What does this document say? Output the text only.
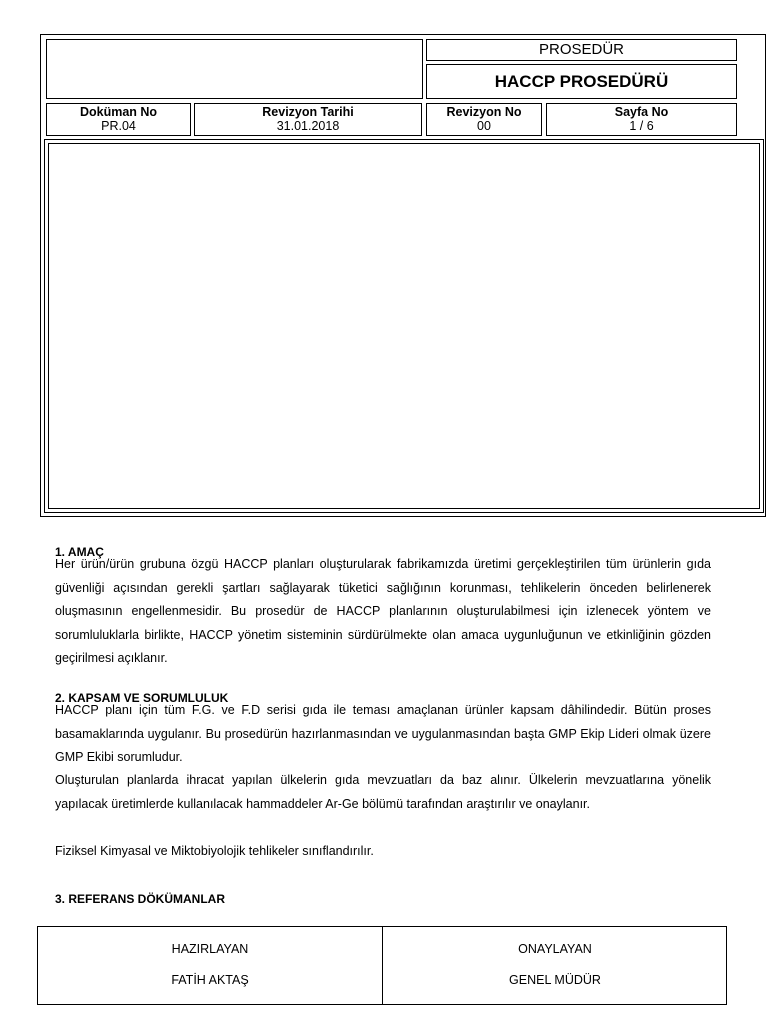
PROSEDÜR
HACCP PROSEDÜRÜ
Doküman No
PR.04
Revizyon Tarihi
31.01.2018
Revizyon No
00
Sayfa No
1 / 6
1. AMAÇ
Her ürün/ürün grubuna özgü HACCP planları oluşturularak fabrikamızda üretimi gerçekleştirilen tüm ürünlerin gıda güvenliği açısından gerekli şartları sağlayarak tüketici sağlığının korunması, tehlikelerin önceden belirlenerek oluşmasının engellenmesidir. Bu prosedür de HACCP planlarının oluşturulabilmesi için izlenecek yöntem ve sorumluluklarla birlikte, HACCP yönetim sisteminin sürdürülmekte olan amaca uygunluğunun ve etkinliğinin gözden geçirilmesi açıklanır.
2. KAPSAM VE SORUMLULUK
HACCP planı için tüm F.G. ve F.D serisi gıda ile teması amaçlanan ürünler kapsam dâhilindedir. Bütün proses basamaklarında uygulanır. Bu prosedürün hazırlanmasından ve uygulanmasından başta GMP Ekip Lideri olmak üzere GMP Ekibi sorumludur.
Oluşturulan planlarda ihracat yapılan ülkelerin gıda mevzuatları da baz alınır. Ülkelerin mevzuatlarına yönelik yapılacak üretimlerde kullanılacak hammaddeler Ar-Ge bölümü tarafından araştırılır ve onaylanır.
Fiziksel Kimyasal ve Miktobiyolojik tehlikeler sınıflandırılır.
3. REFERANS DÖKÜMANLAR
HAZIRLAYAN
FATİH AKTAŞ
ONAYLAYAN
GENEL MÜDÜR
